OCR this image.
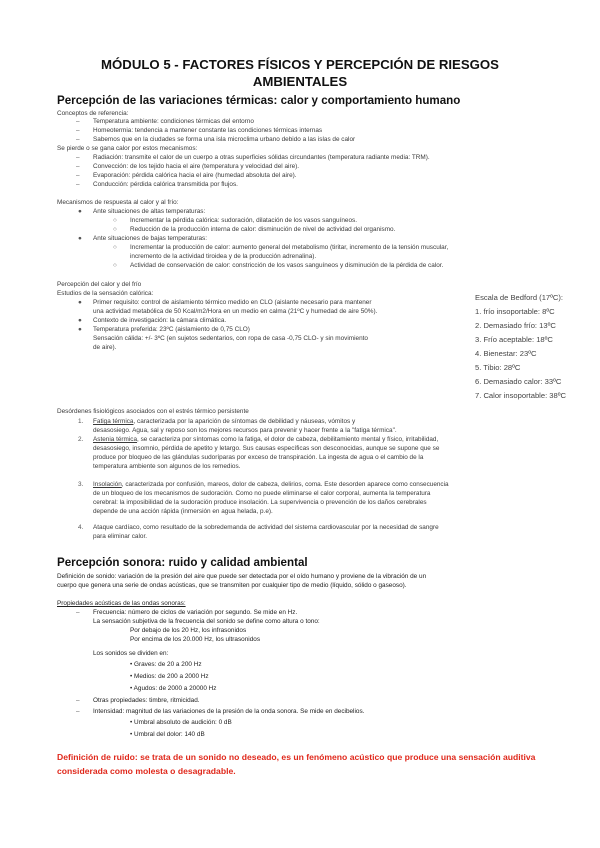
MÓDULO 5 - FACTORES FÍSICOS Y PERCEPCIÓN DE RIESGOS
AMBIENTALES
Percepción de las variaciones térmicas: calor y comportamiento humano
Conceptos de referencia:
– Temperatura ambiente: condiciones térmicas del entorno
– Homeotermia: tendencia a mantener constante las condiciones térmicas internas
– Sabemos que en la ciudades se forma una isla microclima urbano debido a las islas de calor
Se pierde o se gana calor por estos mecanismos:
– Radiación: transmite el calor de un cuerpo a otras superficies sólidas circundantes (temperatura radiante media: TRM).
– Convección: de los tejido hacia el aire (temperatura y velocidad del aire).
– Evaporación: pérdida calórica hacia el aire (humedad absoluta del aire).
– Conducción: pérdida calórica transmitida por flujos.
Mecanismos de respuesta al calor y al frío:
● Ante situaciones de altas temperaturas:
○ Incrementar la pérdida calórica: sudoración, dilatación de los vasos sanguíneos.
○ Reducción de la producción interna de calor: disminución de nivel de actividad del organismo.
● Ante situaciones de bajas temperaturas:
○ Incrementar la producción de calor: aumento general del metabolismo (tiritar, incremento de la tensión muscular,
incremento de la actividad tiroidea y de la producción adrenalina).
○ Actividad de conservación de calor: constricción de los vasos sanguíneos y disminución de la pérdida de calor.
Percepción del calor y del frío
Estudios de la sensación calórica:
● Primer requisito: control de aislamiento térmico medido en CLO (aislante necesario para mantener
una actividad metabólica de 50 Kcal/m2/Hora en un medio en calma (21ºC y humedad de aire 50%).
● Contexto de investigación: la cámara climática.
● Temperatura preferida: 23ºC (aislamiento de 0,75 CLO)
Sensación cálida: +/- 3ºC (en sujetos sedentarios, con ropa de casa -0,75 CLO- y sin movimiento
de aire).
Escala de Bedford (17ºC):
1. frío insoportable: 8ºC
2. Demasiado frío: 13ºC
3. Frío aceptable: 18ºC
4. Bienestar: 23ºC
5. Tibio: 28ºC
6. Demasiado calor: 33ºC
7. Calor insoportable: 38ºC
Desórdenes fisiológicos asociados con el estrés térmico persistente
1. Fatiga térmica, caracterizada por la aparición de síntomas de debilidad y náuseas, vómitos y
desasosiego. Agua, sal y reposo son los mejores recursos para prevenir y hacer frente a la "fatiga térmica".
2. Astenia térmica, se caracteriza por síntomas como la fatiga, el dolor de cabeza, debilitamiento mental y físico, irritabilidad,
desasosiego, insomnio, pérdida de apetito y letargo. Sus causas específicas son desconocidas, aunque se supone que se
produce por bloqueo de las glándulas sudoríparas por exceso de transpiración. La ingesta de agua o el cambio de la
temperatura ambiente son algunos de los remedios.
3. Insolación, caracterizada por confusión, mareos, dolor de cabeza, delirios, coma. Este desorden aparece como consecuencia
de un bloqueo de los mecanismos de sudoración. Como no puede eliminarse el calor corporal, aumenta la temperatura
cerebral: la imposibilidad de la sudoración produce insolación. La supervivencia o prevención de los daños cerebrales
depende de una acción rápida (inmersión en agua helada, p.e).
4. Ataque cardíaco, como resultado de la sobredemanda de actividad del sistema cardiovascular por la necesidad de sangre
para eliminar calor.
Percepción sonora: ruido y calidad ambiental
Definición de sonido: variación de la presión del aire que puede ser detectada por el oído humano y proviene de la vibración de un
cuerpo que genera una serie de ondas acústicas, que se transmiten por cualquier tipo de medio (líquido, sólido o gaseoso).
Propiedades acústicas de las ondas sonoras:
– Frecuencia: número de ciclos de variación por segundo. Se mide en Hz.
La sensación subjetiva de la frecuencia del sonido se define como altura o tono:
Por debajo de los 20 Hz, los infrasonidos
Por encima de los 20.000 Hz, los ultrasonidos
Los sonidos se dividen en:
• Graves: de 20 a 200 Hz
• Medios: de 200 a 2000 Hz
• Agudos: de 2000 a 20000 Hz
– Otras propiedades: timbre, ritmicidad.
– Intensidad: magnitud de las variaciones de la presión de la onda sonora. Se mide en decibelios.
• Umbral absoluto de audición: 0 dB
• Umbral del dolor: 140 dB
Definición de ruido: se trata de un sonido no deseado, es un fenómeno acústico que produce una sensación auditiva
considerada como molesta o desagradable.
